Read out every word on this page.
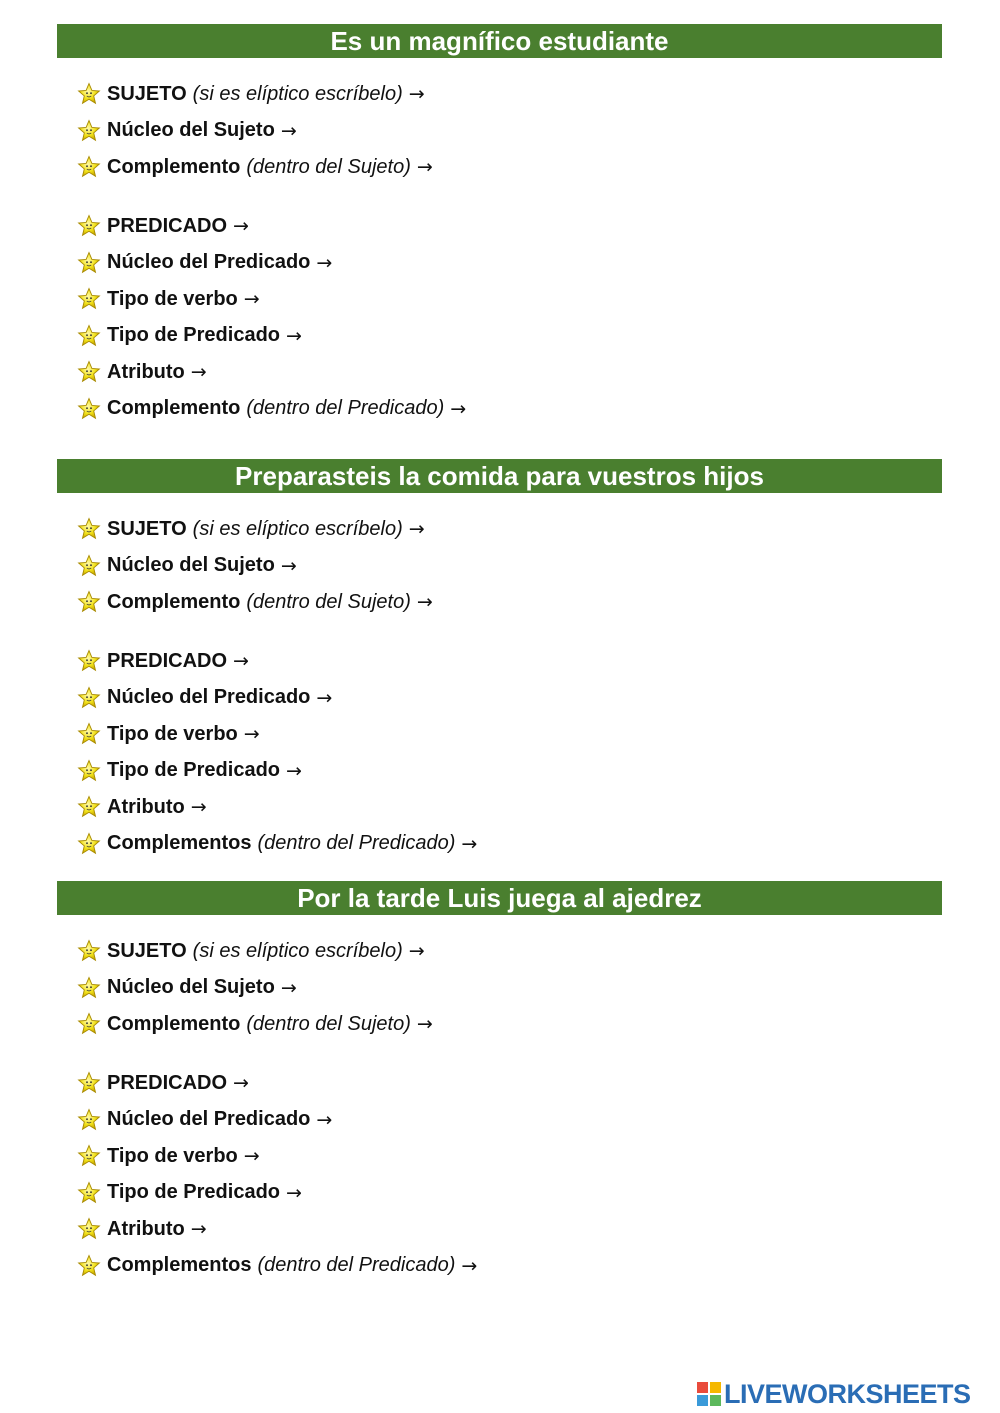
Es un magnífico estudiante
SUJETO (si es elíptico escríbelo) →
Núcleo del Sujeto →
Complemento (dentro del Sujeto) →
PREDICADO →
Núcleo del Predicado →
Tipo de verbo →
Tipo de Predicado →
Atributo →
Complemento (dentro del Predicado) →
Preparasteis la comida para vuestros hijos
SUJETO (si es elíptico escríbelo) →
Núcleo del Sujeto →
Complemento (dentro del Sujeto) →
PREDICADO →
Núcleo del Predicado →
Tipo de verbo →
Tipo de Predicado →
Atributo →
Complementos (dentro del Predicado) →
Por la tarde Luis juega al ajedrez
SUJETO (si es elíptico escríbelo) →
Núcleo del Sujeto →
Complemento (dentro del Sujeto) →
PREDICADO →
Núcleo del Predicado →
Tipo de verbo →
Tipo de Predicado →
Atributo →
Complementos (dentro del Predicado) →
LIVEWORKSHEETS
